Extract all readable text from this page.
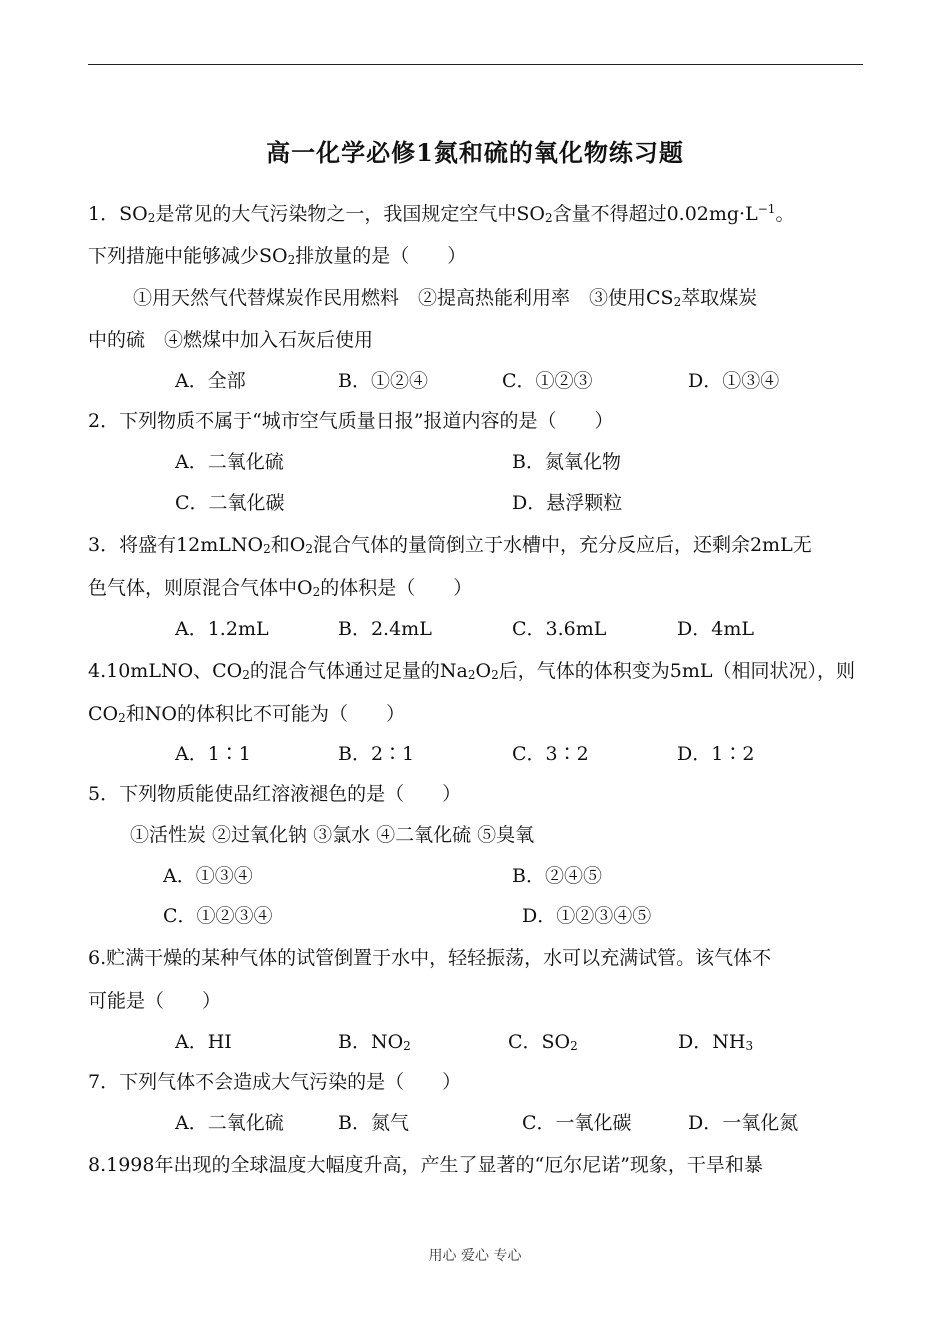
高一化学必修1氮和硫的氧化物练习题
1．$SO_2$是常见的大气污染物之一，我国规定空气中$SO_2$含量不得超过$0.02mg\cdot L^{-1}$。
下列措施中能够减少$SO_2$排放量的是（　　）
①用天然气代替煤炭作民用燃料　②提高热能利用率　③使用$CS_2$萃取煤炭
中的硫　④燃煤中加入石灰后使用
A．全部	B．①②④	C．①②③	D．①③④
2．下列物质不属于“城市空气质量日报”报道内容的是（　　）
A．二氧化硫	B．氮氧化物
C．二氧化碳	D．悬浮颗粒
3．将盛有12mLNO$_2$和$O_2$混合气体的量筒倒立于水槽中，充分反应后，还剩余2mL无
色气体，则原混合气体中$O_2$的体积是（　　）
A．1.2mL	B．2.4mL	C．3.6mL	D．4mL
4.10mLNO、$CO_2$的混合气体通过足量的$Na_2O_2$后，气体的体积变为5mL（相同状况），则
$CO_2$和NO的体积比不可能为（　　）
A．1∶1	B．2∶1	C．3∶2	D．1∶2
5．下列物质能使品红溶液褪色的是（　　）
①活性炭 ②过氧化钠 ③氯水 ④二氧化硫 ⑤臭氧
A．①③④	B．②④⑤
C．①②③④	D．①②③④⑤
6.贮满干燥的某种气体的试管倒置于水中，轻轻振荡，水可以充满试管。该气体不
可能是（　　）
A．HI	B．$NO_2$	C．$SO_2$	D．$NH_3$
7．下列气体不会造成大气污染的是（　　）
A．二氧化硫	B．氮气	C．一氧化碳	D．一氧化氮
8.1998年出现的全球温度大幅度升高，产生了显著的“厄尔尼诺”现象，干旱和暴
用心 爱心 专心
